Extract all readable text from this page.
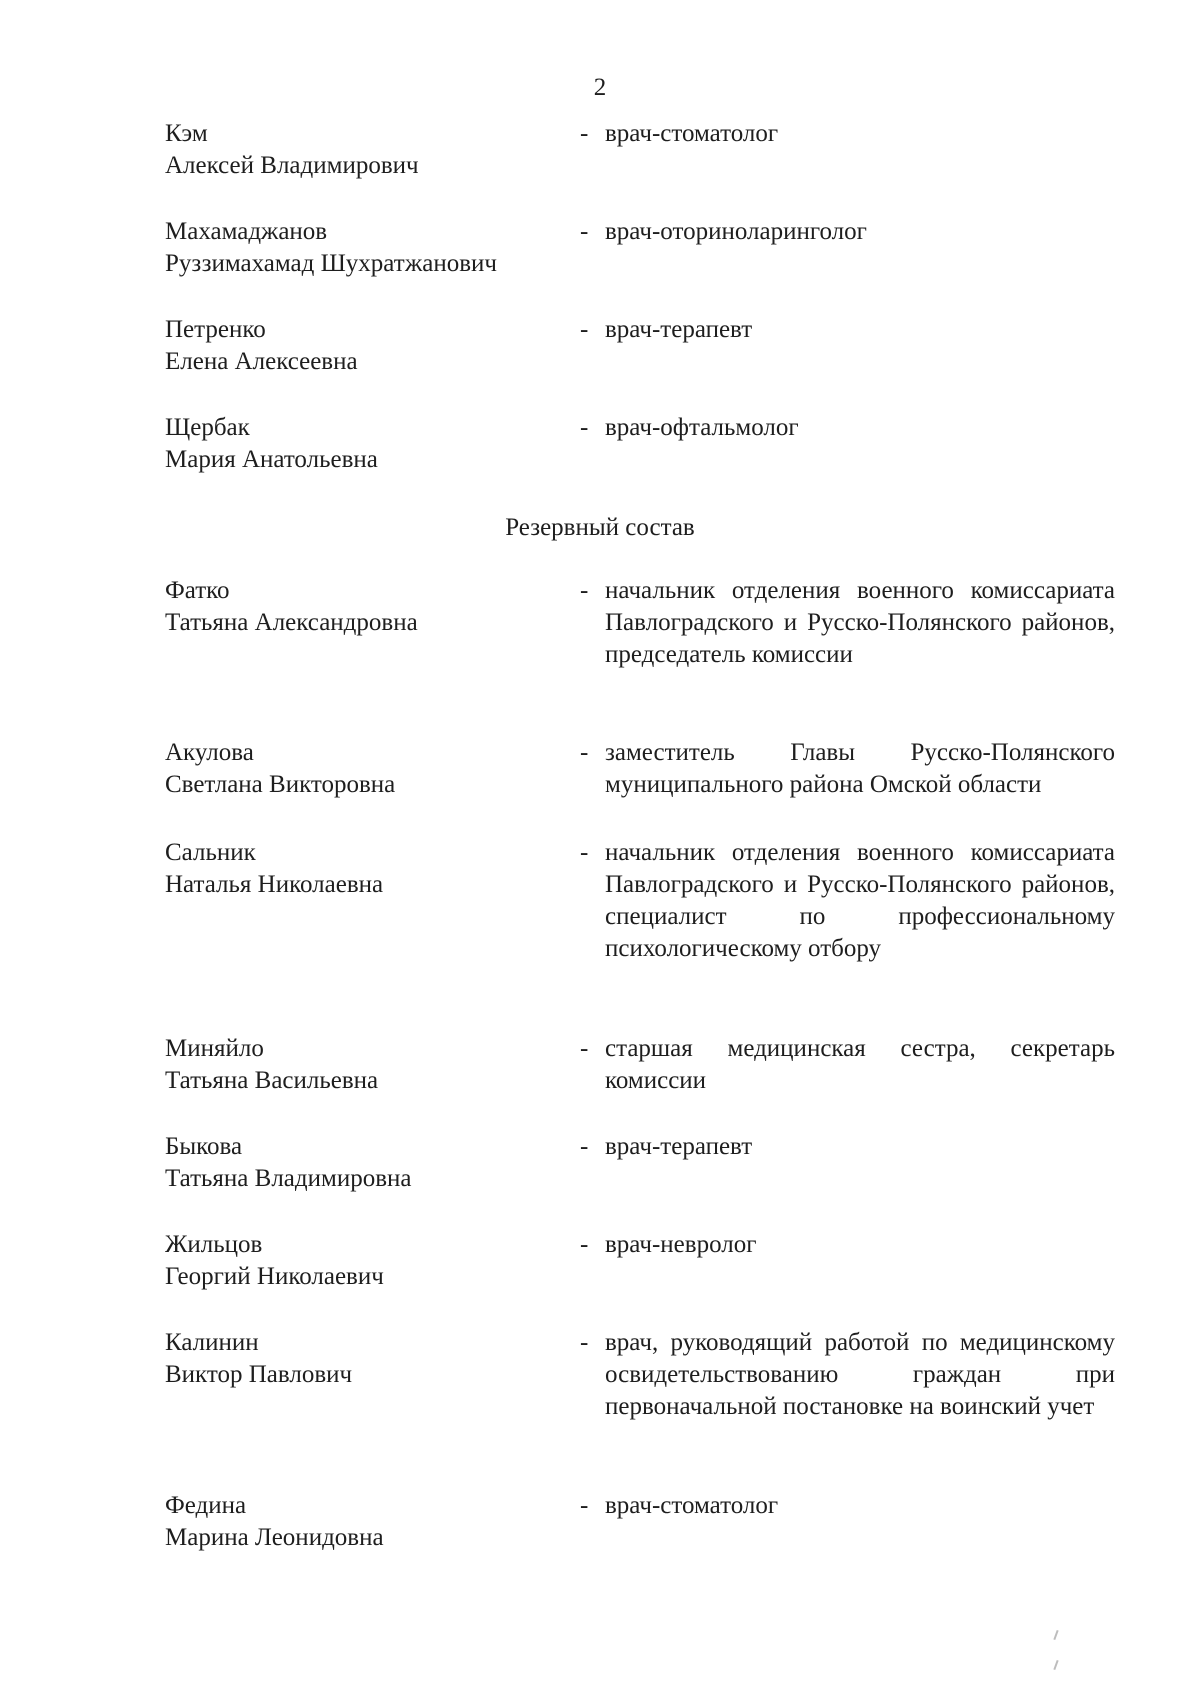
2
Кэм
Алексей Владимирович
- врач-стоматолог
Махамаджанов
Руззимахамад Шухратжанович
- врач-оториноларинголог
Петренко
Елена Алексеевна
- врач-терапевт
Щербак
Мария Анатольевна
- врач-офтальмолог
Резервный состав
Фатко
Татьяна Александровна
- начальник отделения военного комиссариата Павлоградского и Русско-Полянского районов, председатель комиссии
Акулова
Светлана Викторовна
- заместитель Главы Русско-Полянского муниципального района Омской области
Сальник
Наталья Николаевна
- начальник отделения военного комиссариата Павлоградского и Русско-Полянского районов, специалист по профессиональному психологическому отбору
Миняйло
Татьяна Васильевна
- старшая медицинская сестра, секретарь комиссии
Быкова
Татьяна Владимировна
- врач-терапевт
Жильцов
Георгий Николаевич
- врач-невролог
Калинин
Виктор Павлович
- врач, руководящий работой по медицинскому освидетельствованию граждан при первоначальной постановке на воинский учет
Федина
Марина Леонидовна
- врач-стоматолог
